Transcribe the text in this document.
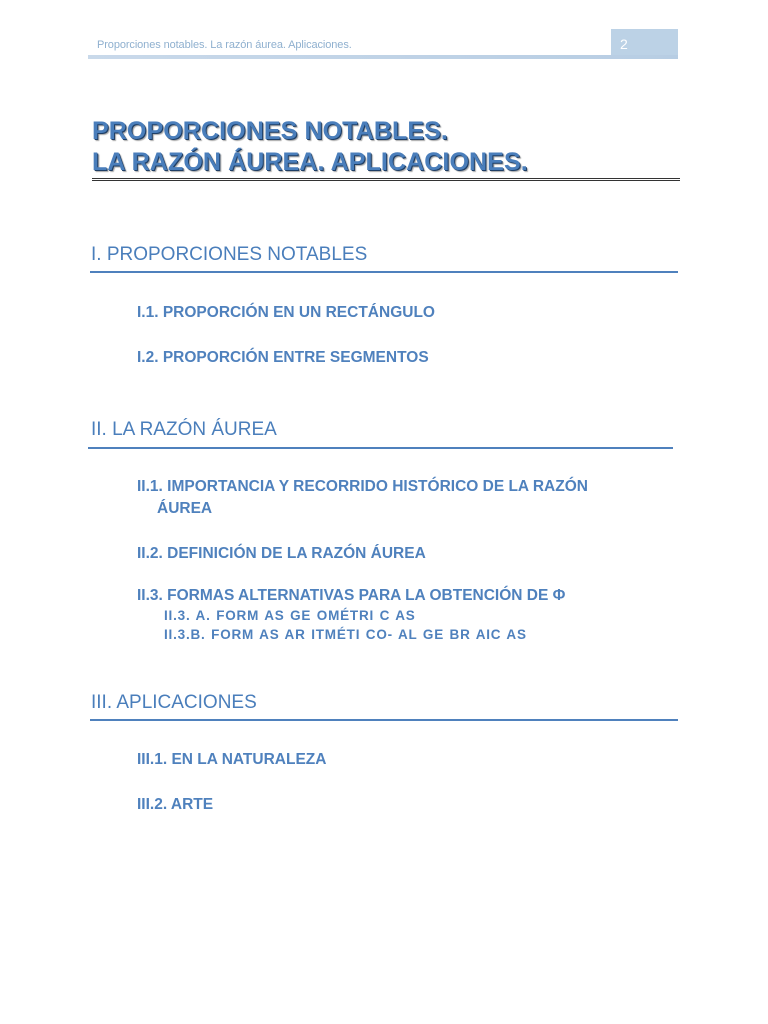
Proporciones notables. La razón áurea. Aplicaciones.	2
PROPORCIONES NOTABLES.
LA RAZÓN ÁUREA. APLICACIONES.
I. PROPORCIONES NOTABLES

I.1. PROPORCIÓN EN UN RECTÁNGULO

I.2. PROPORCIÓN ENTRE SEGMENTOS

II. LA RAZÓN ÁUREA

II.1. IMPORTANCIA Y RECORRIDO HISTÓRICO DE LA RAZÓN

ÁUREA

II.2. DEFINICIÓN DE LA RAZÓN ÁUREA

II.3. FORMAS ALTERNATIVAS PARA LA OBTENCIÓN DE Φ

II.3. A. FORM AS GE OMÉTRI C AS
II.3.B. FORM AS AR ITMÉTI CO- AL GE BR AIC AS
III. APLICACIONES

III.1. EN LA NATURALEZA

III.2. ARTE
